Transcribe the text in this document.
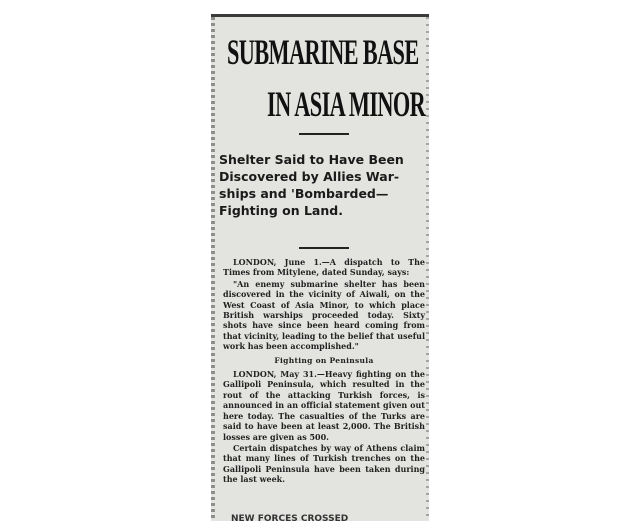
SUBMARINE BASE
IN ASIA MINOR
Shelter Said to Have Been
Discovered by Allies War-
ships and 'Bombarded—
Fighting on Land.

LONDON, June 1.—A dispatch to The Times from Mitylene, dated Sunday, says:

"An enemy submarine shelter has been discovered in the vicinity of Aiwali, on the West Coast of Asia Minor, to which place British warships proceeded today. Sixty shots have since been heard coming from that vicinity, leading to the belief that useful work has been accomplished."

Fighting on Peninsula

LONDON, May 31.—Heavy fighting on the Gallipoli Peninsula, which resulted in the rout of the attacking Turkish forces, is announced in an official statement given out here today. The casualties of the Turks are said to have been at least 2,000. The British losses are given as 500.

Certain dispatches by way of Athens claim that many lines of Turkish trenches on the Gallipoli Peninsula have been taken during the last week.

NEW FORCES CROSSED
